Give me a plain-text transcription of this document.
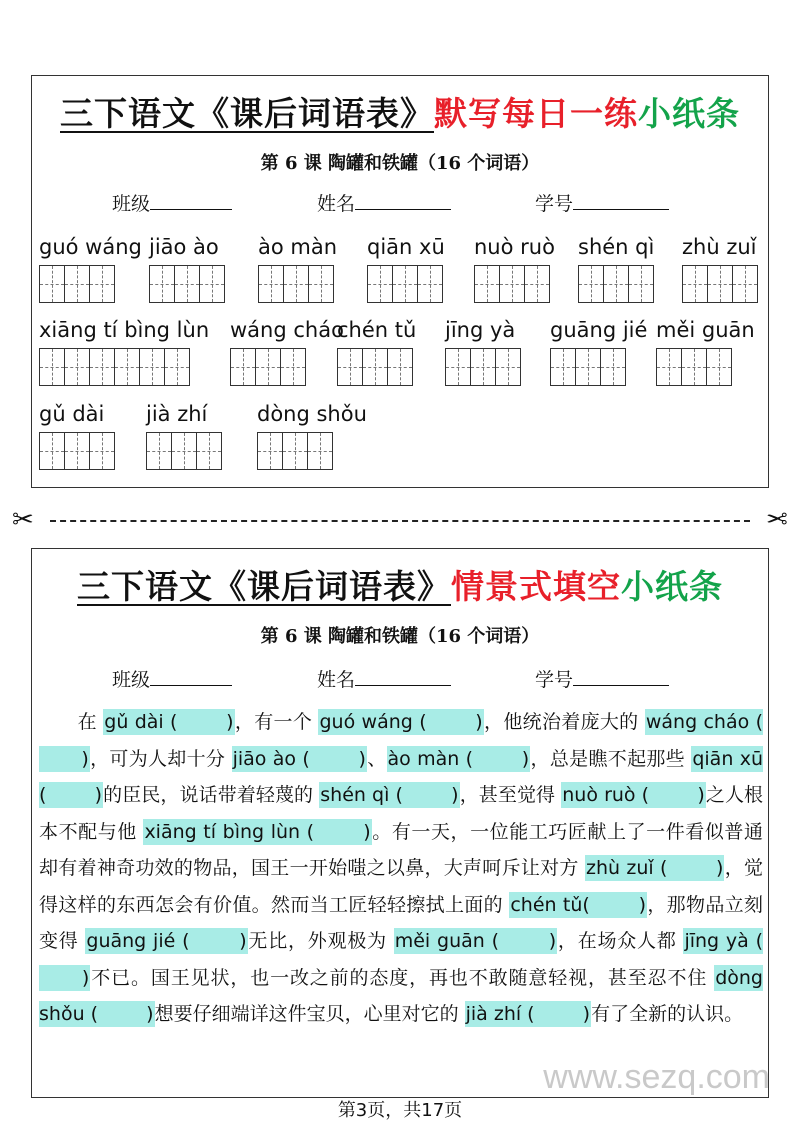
三下语文《课后词语表》默写每日一练小纸条
第 6 课 陶罐和铁罐（16 个词语）
班级	姓名	学号
guó wáng jiāo ào ào màn qiān xū nuò ruò shén qì zhù zuǐ
xiāng tí bìng lùn wáng cháo
chén tǔ jīng yà guāng jié měi guān
gǔ dài jià zhí dòng shǒu
✂	✂
三下语文《课后词语表》情景式填空小纸条
第 6 课 陶罐和铁罐（16 个词语）
班级	姓名	学号
　　在 gǔ dài (  )，有一个 guó wáng (  )，他统治着庞大的 wáng cháo (  )，可为人却十分 jiāo ào (  )、ào màn (  )，总是瞧不起那些 qiān xū (  )的臣民，说话带着轻蔑的 shén qì (  )，甚至觉得 nuò ruò (  )之人根本不配与他 xiāng tí bìng lùn (  )。有一天，一位能工巧匠献上了一件看似普通却有着神奇功效的物品，国王一开始嗤之以鼻，大声呵斥让对方 zhù zuǐ (  )，觉得这样的东西怎会有价值。然而当工匠轻轻擦拭上面的 chén tǔ(  )，那物品立刻变得 guāng jié (  )无比，外观极为 měi guān (  )，在场众人都 jīng yà (  )不已。国王见状，也一改之前的态度，再也不敢随意轻视，甚至忍不住 dòng shǒu (  )想要仔细端详这件宝贝，心里对它的 jià zhí (  )有了全新的认识。
www.sezq.com
第3页，共17页
